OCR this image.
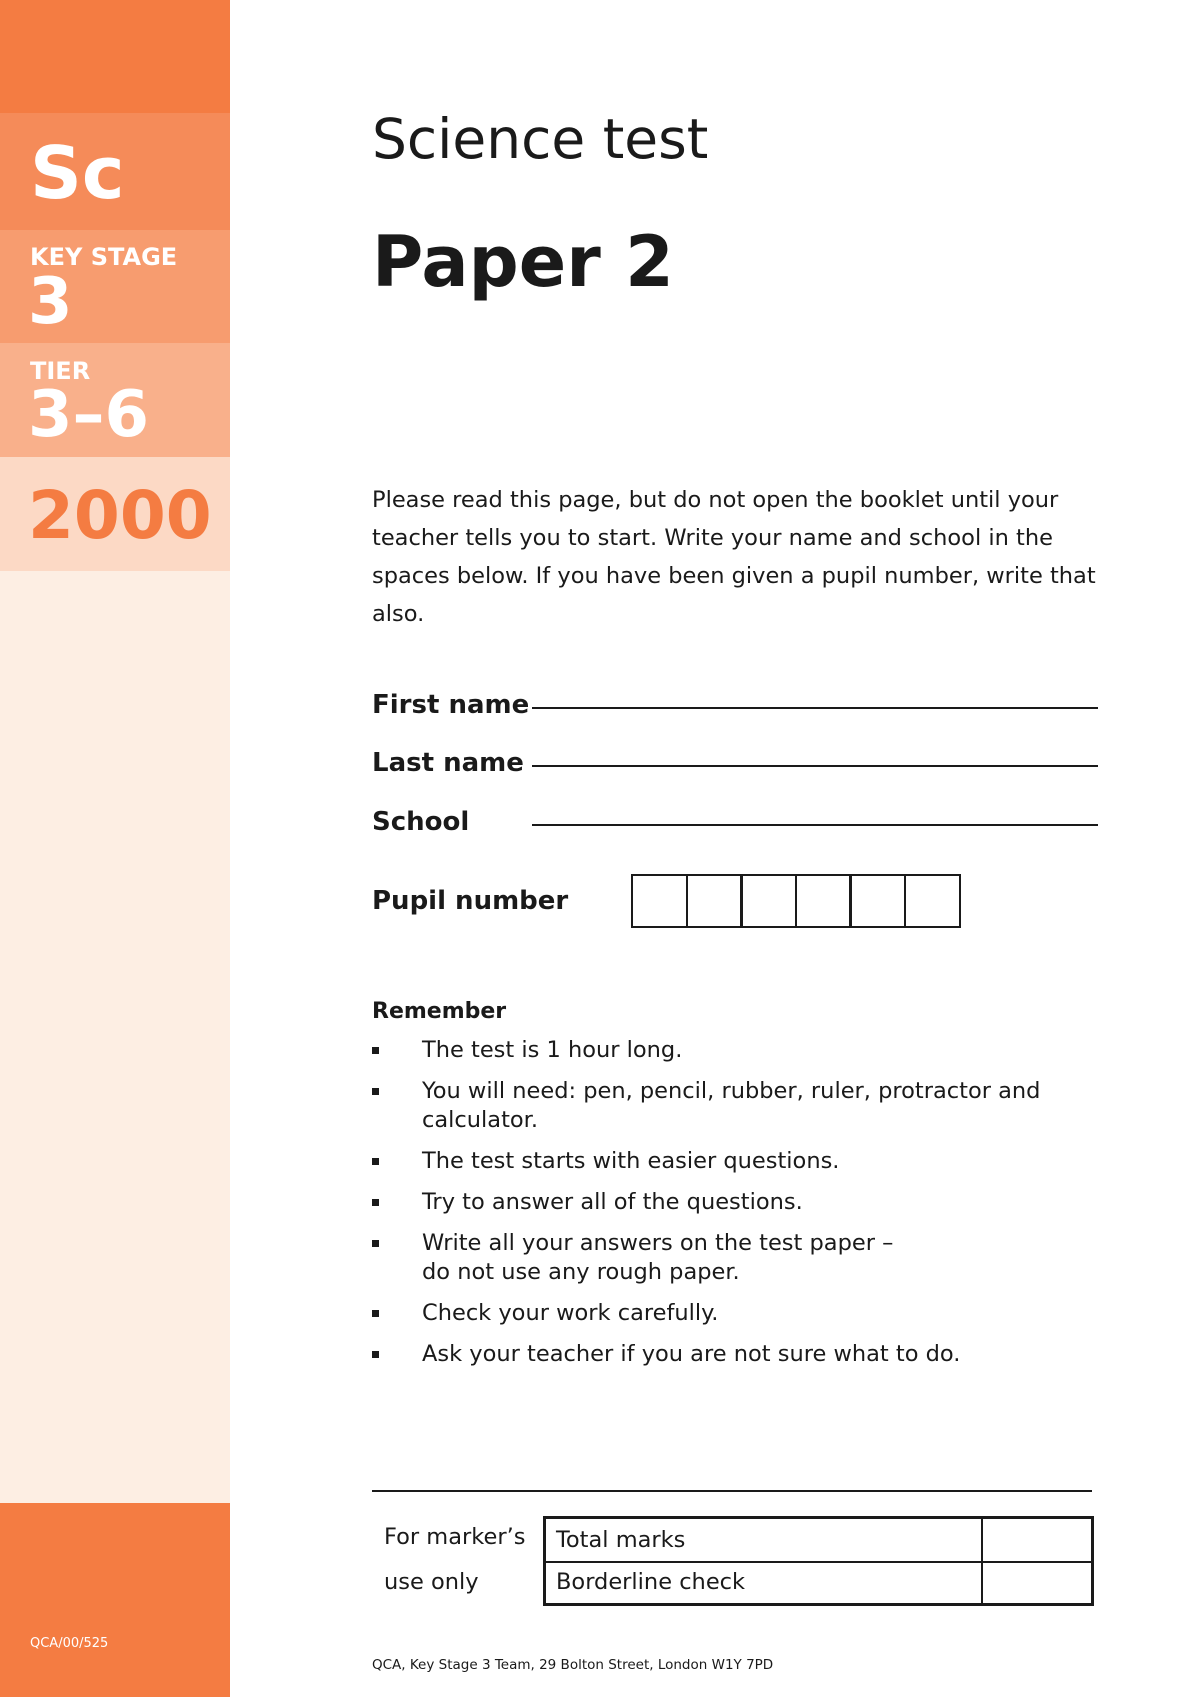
Sc
KEY STAGE
3
TIER
3–6
2000
QCA/00/525
Science test
Paper 2
Please read this page, but do not open the booklet until your teacher tells you to start. Write your name and school in the spaces below. If you have been given a pupil number, write that also.
First name
Last name
School
Pupil number
Remember
The test is 1 hour long.
You will need: pen, pencil, rubber, ruler, protractor and
calculator.
The test starts with easier questions.
Try to answer all of the questions.
Write all your answers on the test paper –
do not use any rough paper.
Check your work carefully.
Ask your teacher if you are not sure what to do.
For marker’s
use only
Total marks
Borderline check
QCA, Key Stage 3 Team, 29 Bolton Street, London W1Y 7PD
